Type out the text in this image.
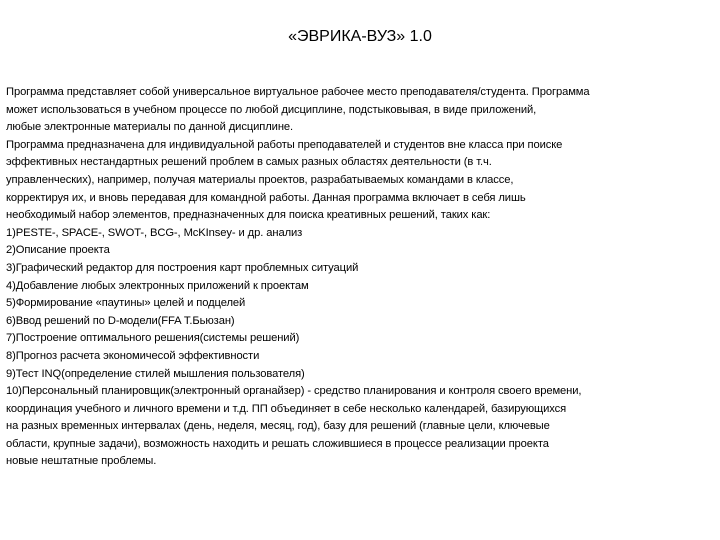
«ЭВРИКА-ВУЗ» 1.0

Программа представляет собой универсальное виртуальное рабочее место преподавателя/студента. Программа
может использоваться в учебном процессе по любой дисциплине, подстыковывая, в виде приложений,
любые электронные материалы по данной дисциплине.

Программа предназначена для индивидуальной работы преподавателей и студентов вне класса при поиске
эффективных нестандартных решений проблем в самых разных областях деятельности (в т.ч.
управленческих), например, получая материалы проектов, разрабатываемых командами в классе,
корректируя их, и вновь передавая для командной работы. Данная программа включает в себя лишь
необходимый набор элементов, предназначенных для поиска креативных решений, таких как:

1)PESTE-, SPACE-, SWOT-, BCG-, McKInsey- и др. анализ

2)Описание проекта

3)Графический редактор для построения карт проблемных ситуаций

4)Добавление любых электронных приложений к проектам

5)Формирование «паутины» целей и подцелей

6)Ввод решений по D-модели(FFA Т.Бьюзан)

7)Построение оптимального решения(системы решений)

8)Прогноз расчета экономичесой эффективности

9)Тест INQ(определение стилей мышления пользователя)

10)Персональный планировщик(электронный органайзер) - средство планирования и контроля своего времени,
координация учебного и личного времени и т.д. ПП объединяет в себе несколько календарей, базирующихся
на разных временных интервалах (день, неделя, месяц, год), базу для решений (главные цели, ключевые
области, крупные задачи), возможность находить и решать сложившиеся в процессе реализации проекта
новые нештатные проблемы.
